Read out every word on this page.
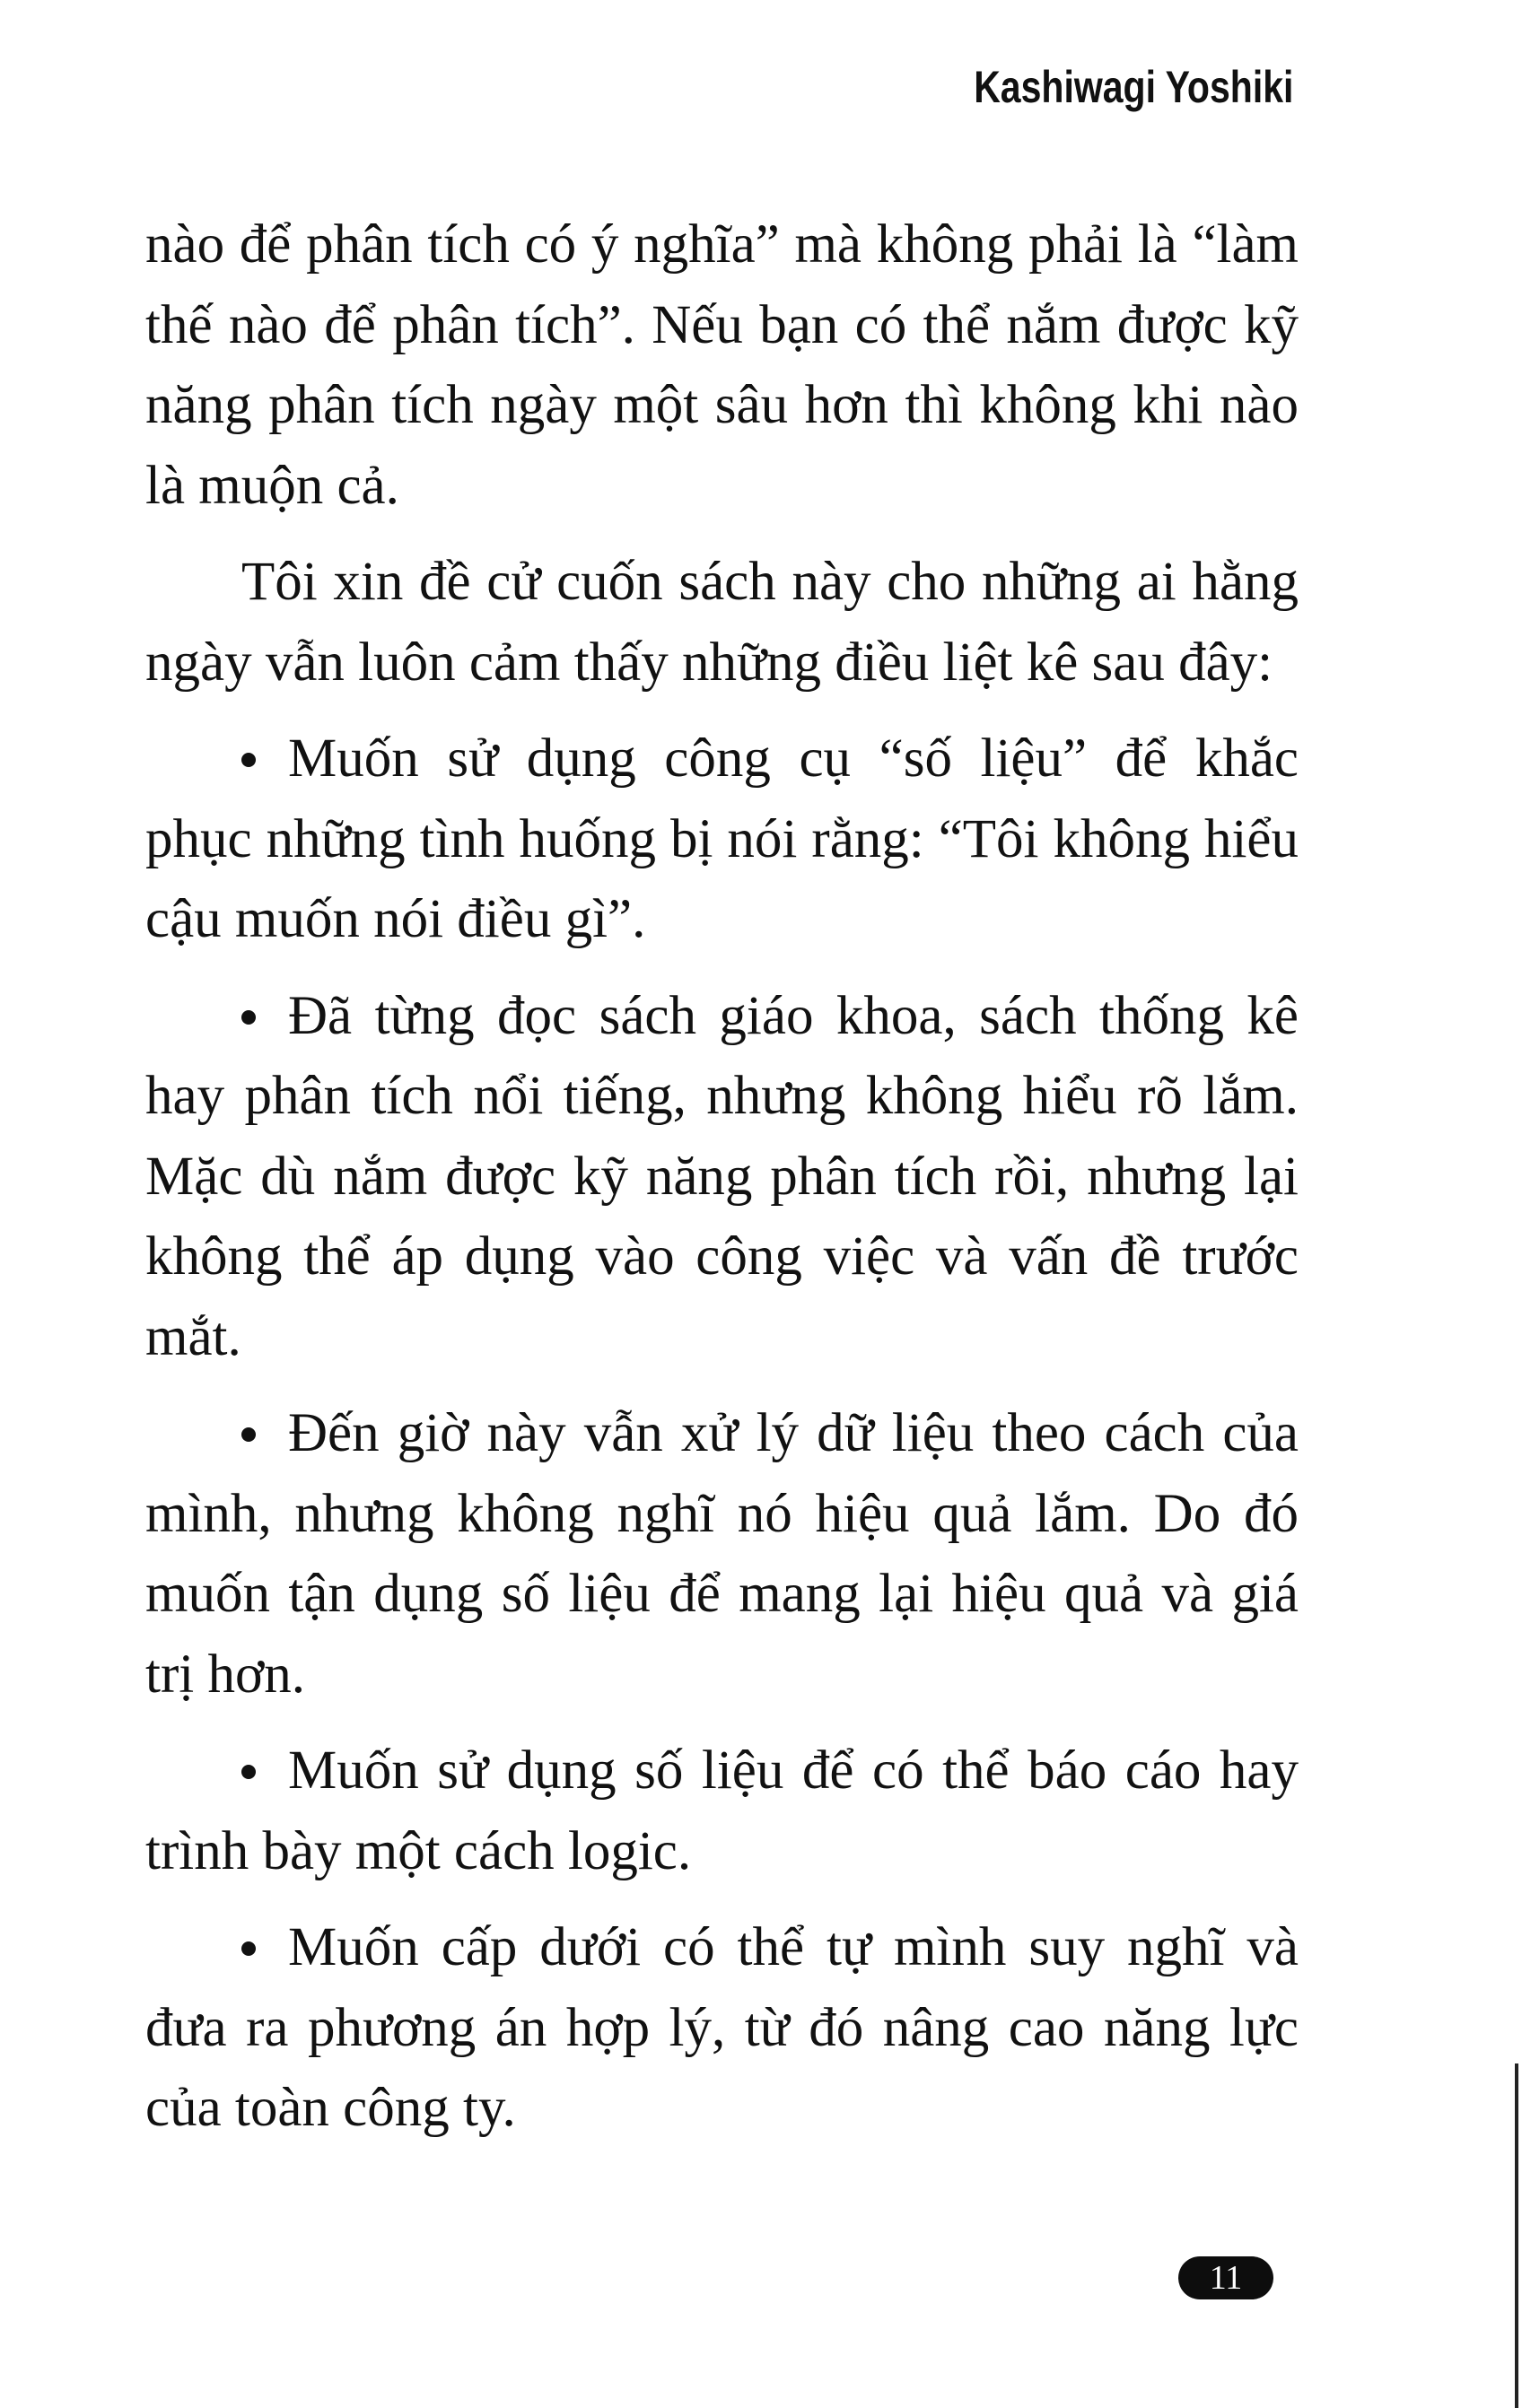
Kashiwagi Yoshiki

nào để phân tích có ý nghĩa” mà không phải là “làm thế nào để phân tích”. Nếu bạn có thể nắm được kỹ năng phân tích ngày một sâu hơn thì không khi nào là muộn cả.

Tôi xin đề cử cuốn sách này cho những ai hằng ngày vẫn luôn cảm thấy những điều liệt kê sau đây:

Muốn sử dụng công cụ “số liệu” để khắc phục những tình huống bị nói rằng: “Tôi không hiểu cậu muốn nói điều gì”.

Đã từng đọc sách giáo khoa, sách thống kê hay phân tích nổi tiếng, nhưng không hiểu rõ lắm. Mặc dù nắm được kỹ năng phân tích rồi, nhưng lại không thể áp dụng vào công việc và vấn đề trước mắt.

Đến giờ này vẫn xử lý dữ liệu theo cách của mình, nhưng không nghĩ nó hiệu quả lắm. Do đó muốn tận dụng số liệu để mang lại hiệu quả và giá trị hơn.

Muốn sử dụng số liệu để có thể báo cáo hay trình bày một cách logic.

Muốn cấp dưới có thể tự mình suy nghĩ và đưa ra phương án hợp lý, từ đó nâng cao năng lực của toàn công ty.

11
